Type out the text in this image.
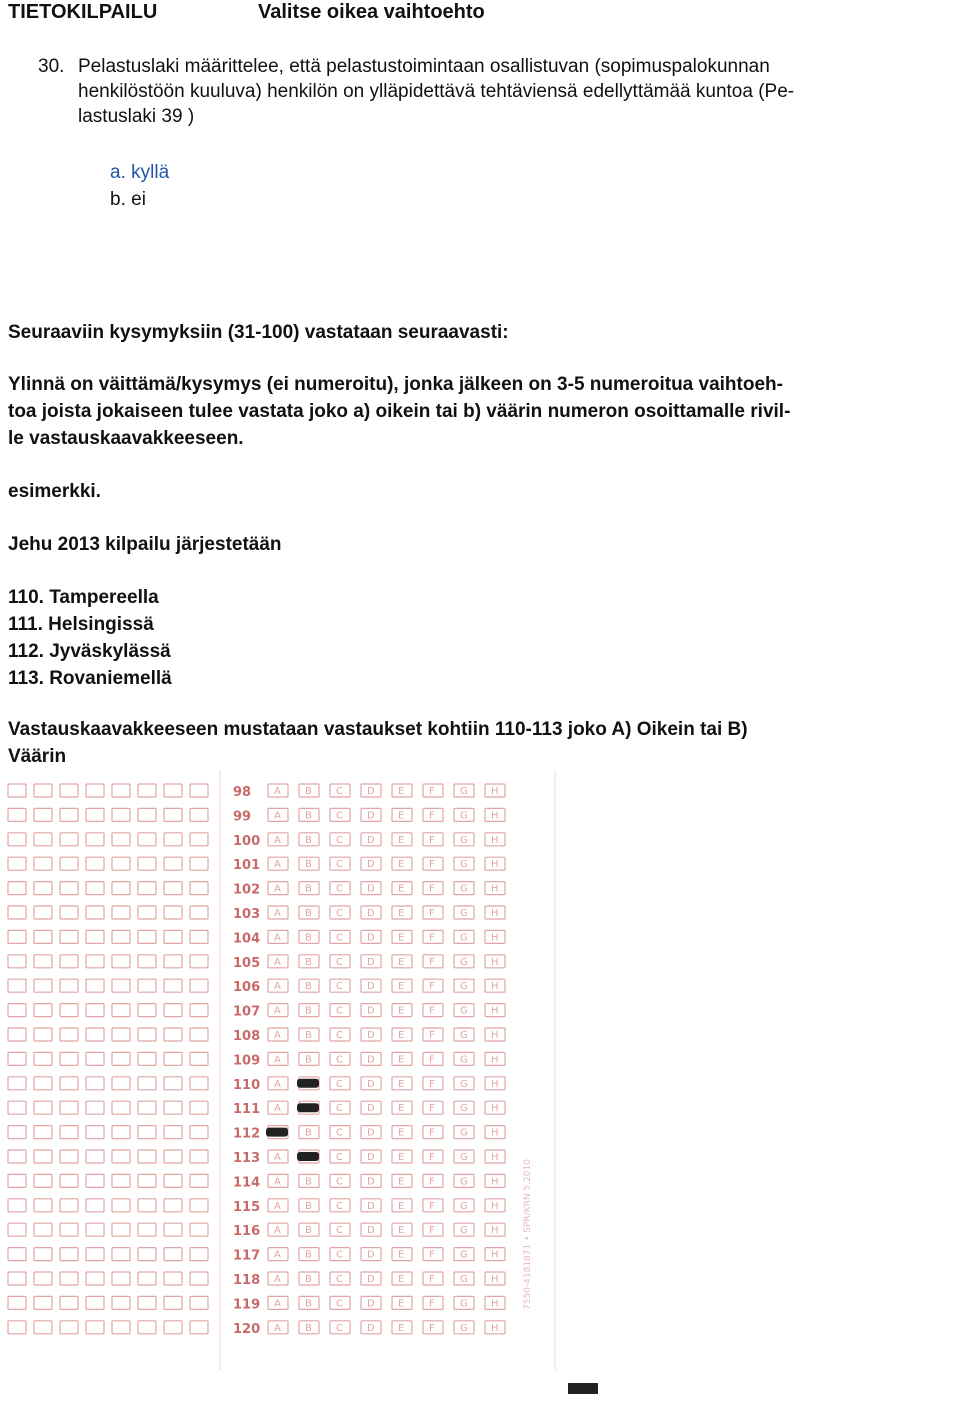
TIETOKILPAILU	Valitse oikea vaihtoehto
30. Pelastuslaki määrittelee, että pelastustoimintaan osallistuvan (sopimuspalokunnan
henkilöstöön kuuluva) henkilön on ylläpidettävä tehtäviensä edellyttämää kuntoa (Pe-
lastuslaki 39 )
a. kyllä
b. ei
Seuraaviin kysymyksiin (31-100) vastataan seuraavasti:
Ylinnä on väittämä/kysymys (ei numeroitu), jonka jälkeen on 3-5 numeroitua vaihtoeh-
toa joista jokaiseen tulee vastata joko a) oikein tai b) väärin numeron osoittamalle rivil-
le vastauskaavakkeeseen.
esimerkki.
Jehu 2013 kilpailu järjestetään
110. Tampereella
111. Helsingissä
112. Jyväskylässä
113. Rovaniemellä
Vastauskaavakkeeseen mustataan vastaukset kohtiin 110-113 joko A) Oikein tai B)
Väärin
98 A B C D E F	G H
99 A B C D E F	G H
100 A B C D E F	G H
101 A B C D E F	G H
102 A B C D E F	G H
103 A B C D E F	G H
104 A B C D E F	G H
105 A B C D E F	G H
106 A B C D E F	G H
107 A B C D E F	G H
108 A B C D E F	G H
109 A B C D E F	G H
110 A	C D E F	G H
111 A	C D E F	G H
112	B C D E F	G H
113 A	C D E F	G H
114 A B C D E F	G H
115 A B C D E F	G H
116 A B C D E F	G H
117 A B C D E F	G H
118 A B C D E F	G H
119 A B C D E F	G H
120 A B C D E F	G H
7550-4181871 • SPR/KRN 5.2010
